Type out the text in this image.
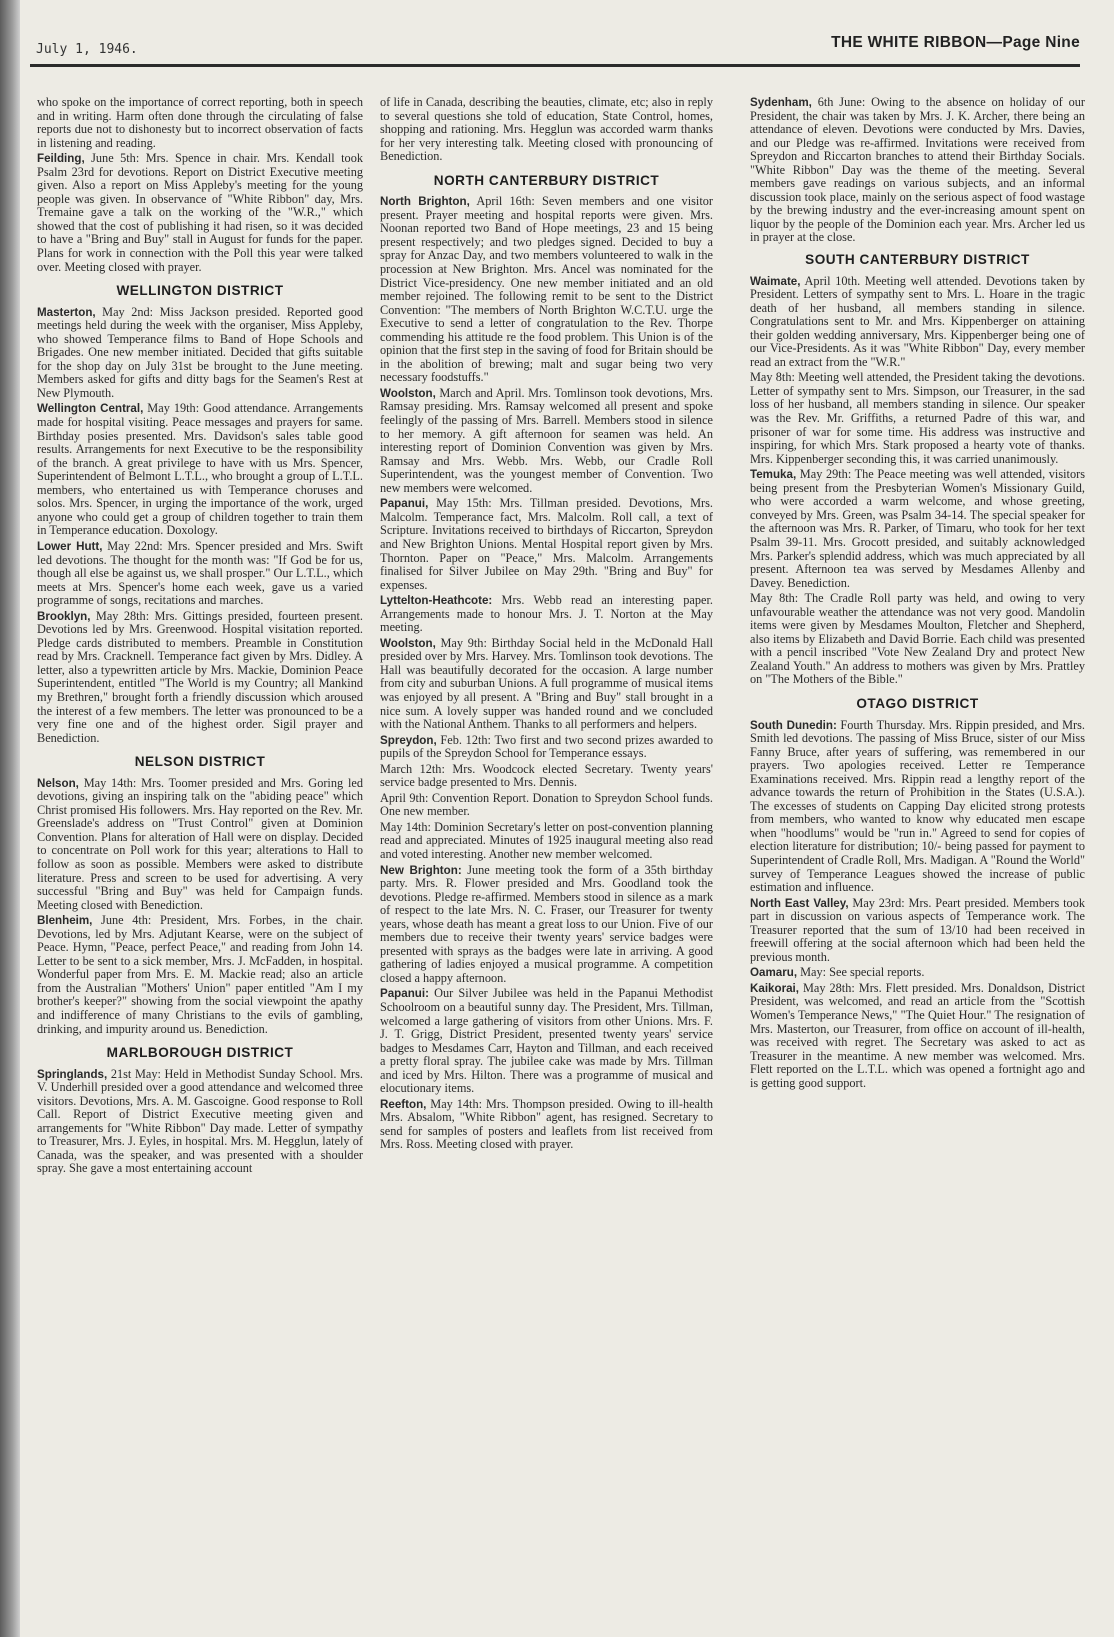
July 1, 1946.	THE WHITE RIBBON—Page Nine

who spoke on the importance of correct reporting, both in speech and in writing. Harm often done through the circulating of false reports due not to dishonesty but to incorrect observation of facts in listening and reading.

Feilding, June 5th: Mrs. Spence in chair. Mrs. Kendall took Psalm 23rd for devotions. Report on District Executive meeting given. Also a report on Miss Appleby's meeting for the young people was given. In observance of "White Ribbon" day, Mrs. Tremaine gave a talk on the working of the "W.R.," which showed that the cost of publishing it had risen, so it was decided to have a "Bring and Buy" stall in August for funds for the paper. Plans for work in connection with the Poll this year were talked over. Meeting closed with prayer.

WELLINGTON DISTRICT

Masterton, May 2nd: Miss Jackson presided. Reported good meetings held during the week with the organiser, Miss Appleby, who showed Temperance films to Band of Hope Schools and Brigades. One new member initiated. Decided that gifts suitable for the shop day on July 31st be brought to the June meeting. Members asked for gifts and ditty bags for the Seamen's Rest at New Plymouth.

Wellington Central, May 19th: Good attendance. Arrangements made for hospital visiting. Peace messages and prayers for same. Birthday posies presented. Mrs. Davidson's sales table good results. Arrangements for next Executive to be the responsibility of the branch. A great privilege to have with us Mrs. Spencer, Superintendent of Belmont L.T.L., who brought a group of L.T.L. members, who entertained us with Temperance choruses and solos. Mrs. Spencer, in urging the importance of the work, urged anyone who could get a group of children together to train them in Temperance education. Doxology.

Lower Hutt, May 22nd: Mrs. Spencer presided and Mrs. Swift led devotions. The thought for the month was: "If God be for us, though all else be against us, we shall prosper." Our L.T.L., which meets at Mrs. Spencer's home each week, gave us a varied programme of songs, recitations and marches.

Brooklyn, May 28th: Mrs. Gittings presided, fourteen present. Devotions led by Mrs. Greenwood. Hospital visitation reported. Pledge cards distributed to members. Preamble in Constitution read by Mrs. Cracknell. Temperance fact given by Mrs. Didley. A letter, also a typewritten article by Mrs. Mackie, Dominion Peace Superintendent, entitled "The World is my Country; all Mankind my Brethren," brought forth a friendly discussion which aroused the interest of a few members. The letter was pronounced to be a very fine one and of the highest order. Sigil prayer and Benediction.

NELSON DISTRICT

Nelson, May 14th: Mrs. Toomer presided and Mrs. Goring led devotions, giving an inspiring talk on the "abiding peace" which Christ promised His followers. Mrs. Hay reported on the Rev. Mr. Greenslade's address on "Trust Control" given at Dominion Convention. Plans for alteration of Hall were on display. Decided to concentrate on Poll work for this year; alterations to Hall to follow as soon as possible. Members were asked to distribute literature. Press and screen to be used for advertising. A very successful "Bring and Buy" was held for Campaign funds. Meeting closed with Benediction.

Blenheim, June 4th: President, Mrs. Forbes, in the chair. Devotions, led by Mrs. Adjutant Kearse, were on the subject of Peace. Hymn, "Peace, perfect Peace," and reading from John 14. Letter to be sent to a sick member, Mrs. J. McFadden, in hospital. Wonderful paper from Mrs. E. M. Mackie read; also an article from the Australian "Mothers' Union" paper entitled "Am I my brother's keeper?" showing from the social viewpoint the apathy and indifference of many Christians to the evils of gambling, drinking, and impurity around us. Benediction.

MARLBOROUGH DISTRICT

Springlands, 21st May: Held in Methodist Sunday School. Mrs. V. Underhill presided over a good attendance and welcomed three visitors. Devotions, Mrs. A. M. Gascoigne. Good response to Roll Call. Report of District Executive meeting given and arrangements for "White Ribbon" Day made. Letter of sympathy to Treasurer, Mrs. J. Eyles, in hospital. Mrs. M. Hegglun, lately of Canada, was the speaker, and was presented with a shoulder spray. She gave a most entertaining account

of life in Canada, describing the beauties, climate, etc; also in reply to several questions she told of education, State Control, homes, shopping and rationing. Mrs. Hegglun was accorded warm thanks for her very interesting talk. Meeting closed with pronouncing of Benediction.

NORTH CANTERBURY DISTRICT

North Brighton, April 16th: Seven members and one visitor present. Prayer meeting and hospital reports were given. Mrs. Noonan reported two Band of Hope meetings, 23 and 15 being present respectively; and two pledges signed. Decided to buy a spray for Anzac Day, and two members volunteered to walk in the procession at New Brighton. Mrs. Ancel was nominated for the District Vice-presidency. One new member initiated and an old member rejoined. The following remit to be sent to the District Convention: "The members of North Brighton W.C.T.U. urge the Executive to send a letter of congratulation to the Rev. Thorpe commending his attitude re the food problem. This Union is of the opinion that the first step in the saving of food for Britain should be in the abolition of brewing; malt and sugar being two very necessary foodstuffs."

Woolston, March and April. Mrs. Tomlinson took devotions, Mrs. Ramsay presiding. Mrs. Ramsay welcomed all present and spoke feelingly of the passing of Mrs. Barrell. Members stood in silence to her memory. A gift afternoon for seamen was held. An interesting report of Dominion Convention was given by Mrs. Ramsay and Mrs. Webb. Mrs. Webb, our Cradle Roll Superintendent, was the youngest member of Convention. Two new members were welcomed.

Papanui, May 15th: Mrs. Tillman presided. Devotions, Mrs. Malcolm. Temperance fact, Mrs. Malcolm. Roll call, a text of Scripture. Invitations received to birthdays of Riccarton, Spreydon and New Brighton Unions. Mental Hospital report given by Mrs. Thornton. Paper on "Peace," Mrs. Malcolm. Arrangements finalised for Silver Jubilee on May 29th. "Bring and Buy" for expenses.

Lyttelton-Heathcote: Mrs. Webb read an interesting paper. Arrangements made to honour Mrs. J. T. Norton at the May meeting.

Woolston, May 9th: Birthday Social held in the McDonald Hall presided over by Mrs. Harvey. Mrs. Tomlinson took devotions. The Hall was beautifully decorated for the occasion. A large number from city and suburban Unions. A full programme of musical items was enjoyed by all present. A "Bring and Buy" stall brought in a nice sum. A lovely supper was handed round and we concluded with the National Anthem. Thanks to all performers and helpers.

Spreydon, Feb. 12th: Two first and two second prizes awarded to pupils of the Spreydon School for Temperance essays.

March 12th: Mrs. Woodcock elected Secretary. Twenty years' service badge presented to Mrs. Dennis.

April 9th: Convention Report. Donation to Spreydon School funds. One new member.

May 14th: Dominion Secretary's letter on post-convention planning read and appreciated. Minutes of 1925 inaugural meeting also read and voted interesting. Another new member welcomed.

New Brighton: June meeting took the form of a 35th birthday party. Mrs. R. Flower presided and Mrs. Goodland took the devotions. Pledge re-affirmed. Members stood in silence as a mark of respect to the late Mrs. N. C. Fraser, our Treasurer for twenty years, whose death has meant a great loss to our Union. Five of our members due to receive their twenty years' service badges were presented with sprays as the badges were late in arriving. A good gathering of ladies enjoyed a musical programme. A competition closed a happy afternoon.

Papanui: Our Silver Jubilee was held in the Papanui Methodist Schoolroom on a beautiful sunny day. The President, Mrs. Tillman, welcomed a large gathering of visitors from other Unions. Mrs. F. J. T. Grigg, District President, presented twenty years' service badges to Mesdames Carr, Hayton and Tillman, and each received a pretty floral spray. The jubilee cake was made by Mrs. Tillman and iced by Mrs. Hilton. There was a programme of musical and elocutionary items.

Reefton, May 14th: Mrs. Thompson presided. Owing to ill-health Mrs. Absalom, "White Ribbon" agent, has resigned. Secretary to send for samples of posters and leaflets from list received from Mrs. Ross. Meeting closed with prayer.

Sydenham, 6th June: Owing to the absence on holiday of our President, the chair was taken by Mrs. J. K. Archer, there being an attendance of eleven. Devotions were conducted by Mrs. Davies, and our Pledge was re-affirmed. Invitations were received from Spreydon and Riccarton branches to attend their Birthday Socials. "White Ribbon" Day was the theme of the meeting. Several members gave readings on various subjects, and an informal discussion took place, mainly on the serious aspect of food wastage by the brewing industry and the ever-increasing amount spent on liquor by the people of the Dominion each year. Mrs. Archer led us in prayer at the close.

SOUTH CANTERBURY DISTRICT

Waimate, April 10th. Meeting well attended. Devotions taken by President. Letters of sympathy sent to Mrs. L. Hoare in the tragic death of her husband, all members standing in silence. Congratulations sent to Mr. and Mrs. Kippenberger on attaining their golden wedding anniversary, Mrs. Kippenberger being one of our Vice-Presidents. As it was "White Ribbon" Day, every member read an extract from the "W.R."

May 8th: Meeting well attended, the President taking the devotions. Letter of sympathy sent to Mrs. Simpson, our Treasurer, in the sad loss of her husband, all members standing in silence. Our speaker was the Rev. Mr. Griffiths, a returned Padre of this war, and prisoner of war for some time. His address was instructive and inspiring, for which Mrs. Stark proposed a hearty vote of thanks. Mrs. Kippenberger seconding this, it was carried unanimously.

Temuka, May 29th: The Peace meeting was well attended, visitors being present from the Presbyterian Women's Missionary Guild, who were accorded a warm welcome, and whose greeting, conveyed by Mrs. Green, was Psalm 34-14. The special speaker for the afternoon was Mrs. R. Parker, of Timaru, who took for her text Psalm 39-11. Mrs. Grocott presided, and suitably acknowledged Mrs. Parker's splendid address, which was much appreciated by all present. Afternoon tea was served by Mesdames Allenby and Davey. Benediction.

May 8th: The Cradle Roll party was held, and owing to very unfavourable weather the attendance was not very good. Mandolin items were given by Mesdames Moulton, Fletcher and Shepherd, also items by Elizabeth and David Borrie. Each child was presented with a pencil inscribed "Vote New Zealand Dry and protect New Zealand Youth." An address to mothers was given by Mrs. Prattley on "The Mothers of the Bible."

OTAGO DISTRICT

South Dunedin: Fourth Thursday. Mrs. Rippin presided, and Mrs. Smith led devotions. The passing of Miss Bruce, sister of our Miss Fanny Bruce, after years of suffering, was remembered in our prayers. Two apologies received. Letter re Temperance Examinations received. Mrs. Rippin read a lengthy report of the advance towards the return of Prohibition in the States (U.S.A.). The excesses of students on Capping Day elicited strong protests from members, who wanted to know why educated men escape when "hoodlums" would be "run in." Agreed to send for copies of election literature for distribution; 10/- being passed for payment to Superintendent of Cradle Roll, Mrs. Madigan. A "Round the World" survey of Temperance Leagues showed the increase of public estimation and influence.

North East Valley, May 23rd: Mrs. Peart presided. Members took part in discussion on various aspects of Temperance work. The Treasurer reported that the sum of 13/10 had been received in freewill offering at the social afternoon which had been held the previous month.

Oamaru, May: See special reports.

Kaikorai, May 28th: Mrs. Flett presided. Mrs. Donaldson, District President, was welcomed, and read an article from the "Scottish Women's Temperance News," "The Quiet Hour." The resignation of Mrs. Masterton, our Treasurer, from office on account of ill-health, was received with regret. The Secretary was asked to act as Treasurer in the meantime. A new member was welcomed. Mrs. Flett reported on the L.T.L. which was opened a fortnight ago and is getting good support.
